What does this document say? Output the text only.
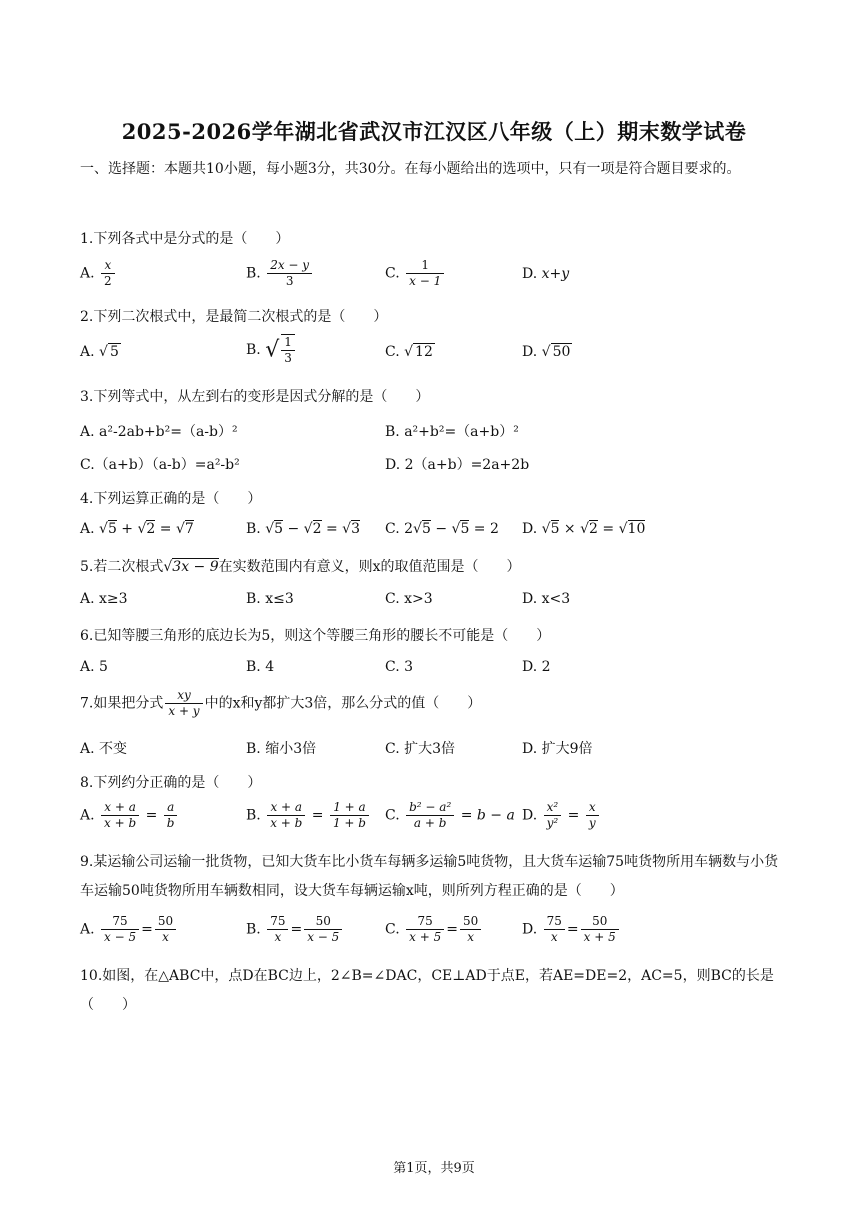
2025-2026学年湖北省武汉市江汉区八年级（上）期末数学试卷
一、选择题：本题共10小题，每小题3分，共30分。在每小题给出的选项中，只有一项是符合题目要求的。
1.下列各式中是分式的是（　　）
A. $\frac{x}{2}$	B. $\frac{2x - y}{3}$	C. $\frac{1}{x - 1}$	D. x+y
2.下列二次根式中，是最简二次根式的是（　　）
A. √ 5	B. √ $\frac{1}{3}$	C. √ 12	D. √ 50
3.下列等式中，从左到右的变形是因式分解的是（　　）
A. a²-2ab+b²=（a-b）²	B. a²+b²=（a+b）²
C.（a+b）（a-b）=a²-b²	D. 2（a+b）=2a+2b
4.下列运算正确的是（　　）
A. √5 + √2 = √7	B. √5 − √2 = √3 C. 2√5 − √5 = 2 D. √5 × √2 = √10
5.若二次根式√3x − 9在实数范围内有意义，则x的取值范围是（　　）
A. x≥3	B. x≤3	C. x>3	D. x<3
6.已知等腰三角形的底边长为5，则这个等腰三角形的腰长不可能是（　　）
A. 5	B. 4	C. 3	D. 2
7.如果把分式 $\frac{xy}{x + y}$ 中的x和y都扩大3倍，那么分式的值（　　）
A. 不变	B. 缩小3倍	C. 扩大3倍	D. 扩大9倍
8.下列约分正确的是（　　）
A. $\frac{x + a}{x + b} = \frac{a}{b}$	B. $\frac{x + a}{x + b} = \frac{1 + a}{1 + b} C$. $\frac{\text{b² − a²}}{a + b} = b - a$ D. $\frac{\text{x²}}{\text{y²}} = \frac{x}{y}$
9.某运输公司运输一批货物，已知大货车比小货车每辆多运输5吨货物，且大货车运输75吨货物所用车辆数与小货车运输50吨货物所用车辆数相同，设大货车每辆运输x吨，则所列方程正确的是（　　）
A. $\frac{75}{x - 5} = \frac{50}{x}$	B. $\frac{75}{x} = \frac{50}{x - 5}$	C. $\frac{75}{x + 5} = \frac{50}{x}$	D. $\frac{75}{x} = \frac{50}{x + 5}$
10.如图，在△ABC中，点D在BC边上，2∠B=∠DAC，CE⊥AD于点E，若AE=DE=2，AC=5，则BC的长是（　　）
第1页，共9页
